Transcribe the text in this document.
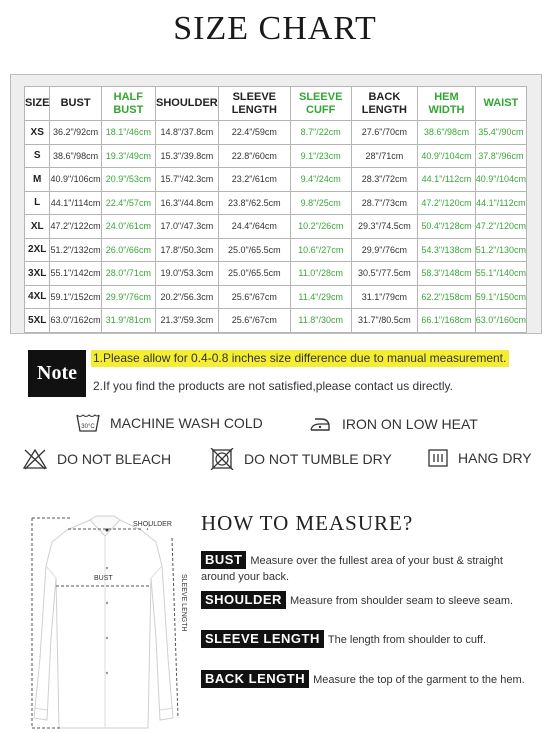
SIZE CHART
SIZE	BUST	HALF BUST	SHOULDER	SLEEVE LENGTH	SLEEVE CUFF	BACK LENGTH	HEM WIDTH	WAIST
XS	36.2"/92cm	18.1"/46cm	14.8"/37.8cm	22.4"/59cm	8.7"/22cm	27.6"/70cm	38.6"/98cm	35.4"/90cm
S	38.6"/98cm	19.3"/49cm	15.3"/39.8cm	22.8"/60cm	9.1"/23cm	28"/71cm	40.9"/104cm	37.8"/96cm
M	40.9"/106cm	20.9"/53cm	15.7"/42.3cm	23.2"/61cm	9.4"/24cm	28.3"/72cm	44.1"/112cm	40.9"/104cm
L	44.1"/114cm	22.4"/57cm	16.3"/44.8cm	23.8"/62.5cm	9.8"/25cm	28.7"/73cm	47.2"/120cm	44.1"/112cm
XL	47.2"/122cm	24.0"/61cm	17.0"/47.3cm	24.4"/64cm	10.2"/26cm	29.3"/74.5cm	50.4"/128cm	47.2"/120cm
2XL	51.2"/132cm	26.0"/66cm	17.8"/50.3cm	25.0"/65.5cm	10.6"/27cm	29.9"/76cm	54.3"/138cm	51.2"/130cm
3XL	55.1"/142cm	28.0"/71cm	19.0"/53.3cm	25.0"/65.5cm	11.0"/28cm	30.5"/77.5cm	58.3"/148cm	55.1"/140cm
4XL	59.1"/152cm	29.9"/76cm	20.2"/56.3cm	25.6"/67cm	11.4"/29cm	31.1"/79cm	62.2"/158cm	59.1"/150cm
5XL	63.0"/162cm	31.9"/81cm	21.3"/59.3cm	25.6"/67cm	11.8"/30cm	31.7"/80.5cm	66.1"/168cm	63.0"/160cm
Note
1.Please allow for 0.4-0.8 inches size difference due to manual measurement.
2.If you find the products are not satisfied,please contact us directly.
30°C MACHINE WASH COLD	IRON ON LOW HEAT
DO NOT BLEACH	DO NOT TUMBLE DRY	HANG DRY
SHOULDER
BUST	SLEEVE LENGTH
HOW TO MEASURE?
BUST Measure over the fullest area of your bust & straight around your back.
SHOULDER Measure from shoulder seam to sleeve seam.
SLEEVE LENGTH The length from shoulder to cuff.
BACK LENGTH Measure the top of the garment to the hem.
